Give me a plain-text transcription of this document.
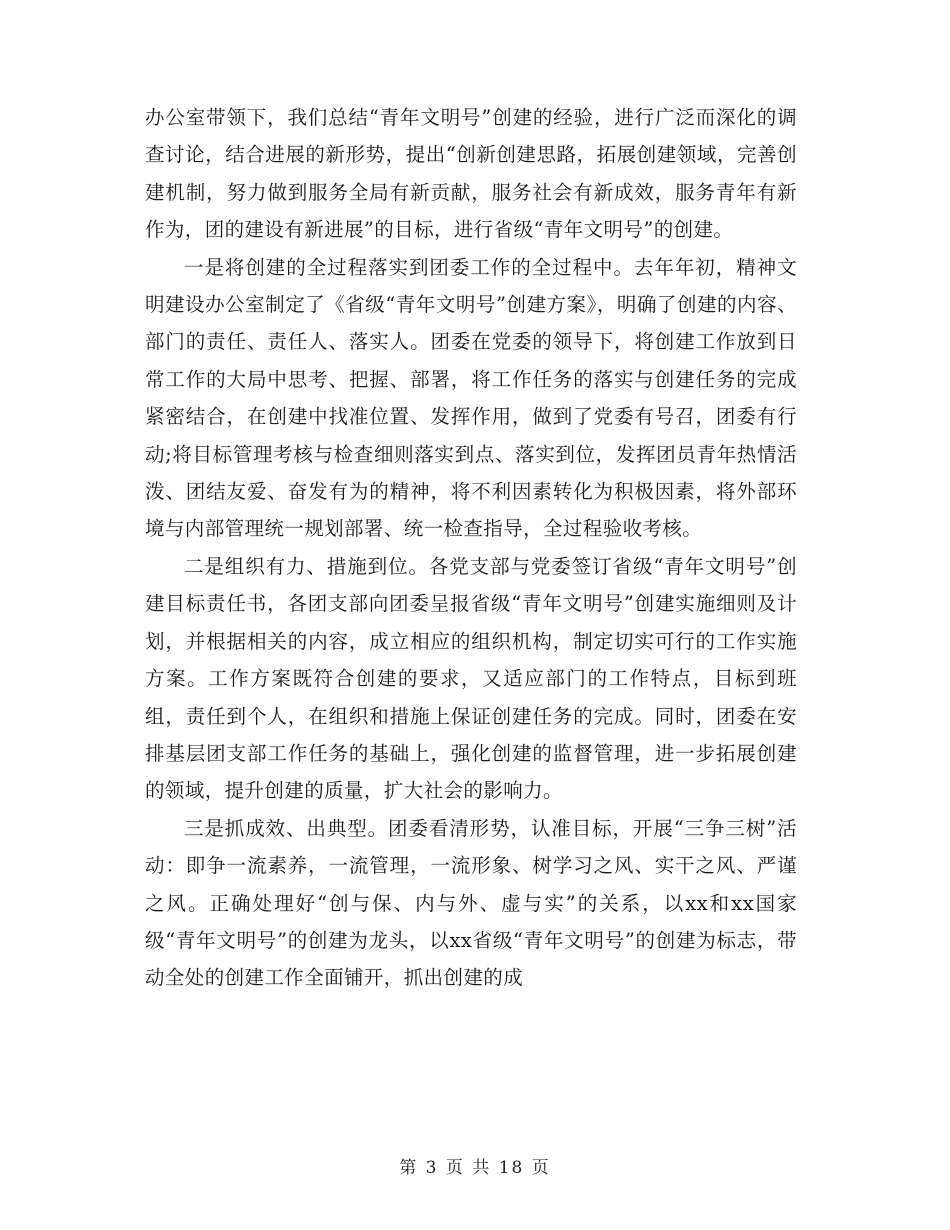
办公室带领下，我们总结“青年文明号”创建的经验，进行广泛而深化的调查讨论，结合进展的新形势，提出“创新创建思路，拓展创建领域，完善创建机制，努力做到服务全局有新贡献，服务社会有新成效，服务青年有新作为，团的建设有新进展”的目标，进行省级“青年文明号”的创建。

一是将创建的全过程落实到团委工作的全过程中。去年年初，精神文明建设办公室制定了《省级“青年文明号”创建方案》，明确了创建的内容、部门的责任、责任人、落实人。团委在党委的领导下，将创建工作放到日常工作的大局中思考、把握、部署，将工作任务的落实与创建任务的完成紧密结合，在创建中找准位置、发挥作用，做到了党委有号召，团委有行动;将目标管理考核与检查细则落实到点、落实到位，发挥团员青年热情活泼、团结友爱、奋发有为的精神，将不利因素转化为积极因素，将外部环境与内部管理统一规划部署、统一检查指导，全过程验收考核。

二是组织有力、措施到位。各党支部与党委签订省级“青年文明号”创建目标责任书，各团支部向团委呈报省级“青年文明号”创建实施细则及计划，并根据相关的内容，成立相应的组织机构，制定切实可行的工作实施方案。工作方案既符合创建的要求，又适应部门的工作特点，目标到班组，责任到个人，在组织和措施上保证创建任务的完成。同时，团委在安排基层团支部工作任务的基础上，强化创建的监督管理，进一步拓展创建的领域，提升创建的质量，扩大社会的影响力。

三是抓成效、出典型。团委看清形势，认准目标，开展“三争三树”活动：即争一流素养，一流管理，一流形象、树学习之风、实干之风、严谨之风。正确处理好“创与保、内与外、虚与实”的关系，以xx和xx国家级“青年文明号”的创建为龙头，以xx省级“青年文明号”的创建为标志，带动全处的创建工作全面铺开，抓出创建的成

第 3 页 共 18 页
